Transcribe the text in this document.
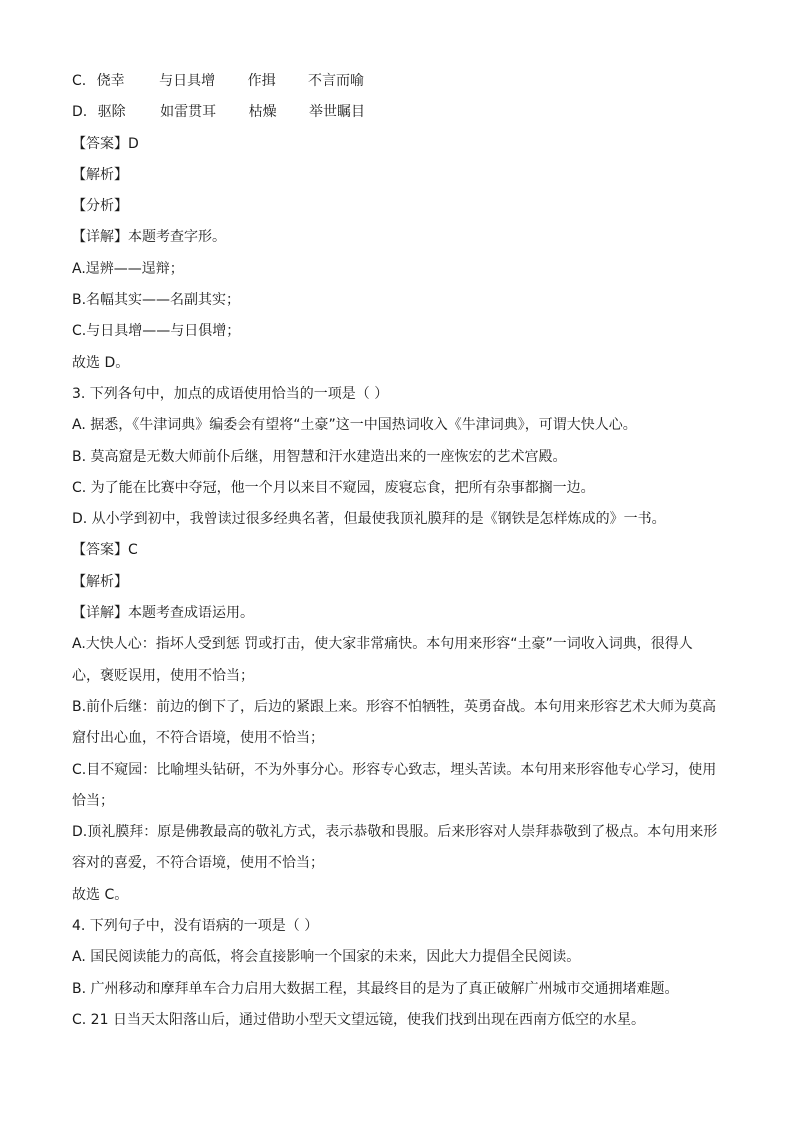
C. 侥幸 与日具增 作揖 不言而喻
D. 驱除 如雷贯耳 枯燥 举世瞩目
【答案】D
【解析】
【分析】
【详解】本题考查字形。
A.逞辨——逞辩；
B.名幅其实——名副其实；
C.与日具增——与日俱增；
故选 D。
3. 下列各句中，加点的成语使用恰当的一项是（ ）
A. 据悉，《牛津词典》编委会有望将“土豪”这一中国热词收入《牛津词典》，可谓大快人心。
B. 莫高窟是无数大师前仆后继，用智慧和汗水建造出来的一座恢宏的艺术宫殿。
C. 为了能在比赛中夺冠，他一个月以来目不窥园，废寝忘食，把所有杂事都搁一边。
D. 从小学到初中，我曾读过很多经典名著，但最使我顶礼膜拜的是《钢铁是怎样炼成的》一书。
【答案】C
【解析】
【详解】本题考查成语运用。
A.大快人心：指坏人受到惩 罚或打击，使大家非常痛快。本句用来形容“土豪”一词收入词典，很得人
心，褒贬误用，使用不恰当；
B.前仆后继：前边的倒下了，后边的紧跟上来。形容不怕牺牲，英勇奋战。本句用来形容艺术大师为莫高
窟付出心血，不符合语境，使用不恰当；
C.目不窥园：比喻埋头钻研，不为外事分心。形容专心致志，埋头苦读。本句用来形容他专心学习，使用
恰当；
D.顶礼膜拜：原是佛教最高的敬礼方式，表示恭敬和畏服。后来形容对人崇拜恭敬到了极点。本句用来形
容对的喜爱，不符合语境，使用不恰当；
故选 C。
4. 下列句子中，没有语病的一项是（ ）
A. 国民阅读能力的高低，将会直接影响一个国家的未来，因此大力提倡全民阅读。
B. 广州移动和摩拜单车合力启用大数据工程，其最终目的是为了真正破解广州城市交通拥堵难题。
C. 21 日当天太阳落山后，通过借助小型天文望远镜，使我们找到出现在西南方低空的水星。
